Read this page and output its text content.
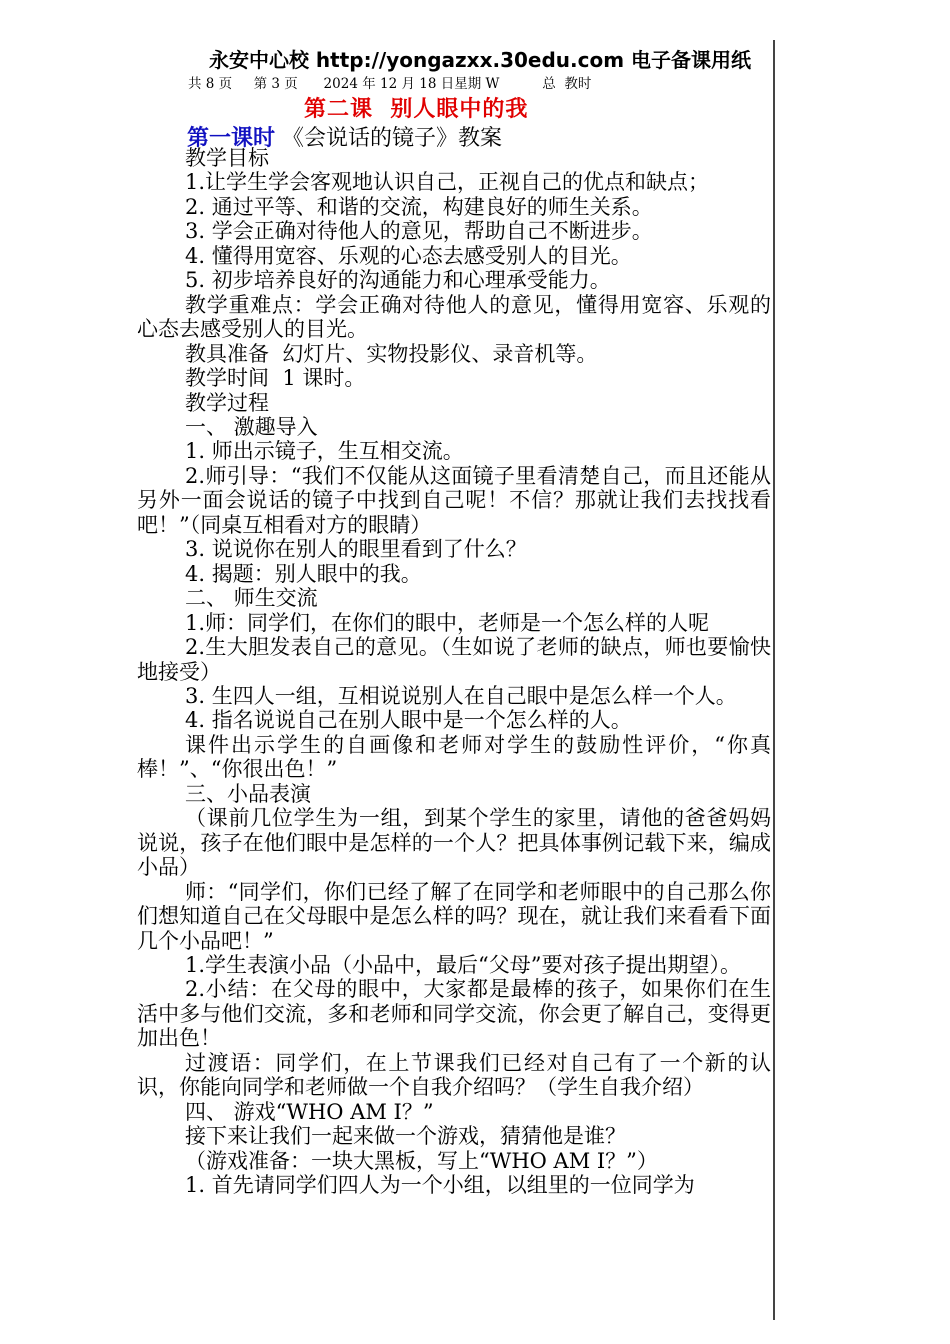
永安中心校 http://yongazxx.30edu.com 电子备课用纸
共 8 页     第 3 页      2024 年 12 月 18 日星期 W          总  教时
第二课  别人眼中的我
第一课时 《会说话的镜子》教案

教学目标

1.让学生学会客观地认识自己，正视自己的优点和缺点；

2. 通过平等、和谐的交流，构建良好的师生关系。

3. 学会正确对待他人的意见，帮助自己不断进步。

4. 懂得用宽容、乐观的心态去感受别人的目光。

5. 初步培养良好的沟通能力和心理承受能力。

教学重难点：学会正确对待他人的意见，懂得用宽容、乐观的心态去感受别人的目光。

教具准备  幻灯片、实物投影仪、录音机等。

教学时间  1 课时。

教学过程

一、 激趣导入

1. 师出示镜子，生互相交流。

2.师引导：“我们不仅能从这面镜子里看清楚自己，而且还能从另外一面会说话的镜子中找到自己呢！不信？那就让我们去找找看吧！”（同桌互相看对方的眼睛）

3. 说说你在别人的眼里看到了什么？

4. 揭题：别人眼中的我。

二、 师生交流

1.师：同学们，在你们的眼中，老师是一个怎么样的人呢

2.生大胆发表自己的意见。（生如说了老师的缺点，师也要愉快地接受）

3. 生四人一组，互相说说别人在自己眼中是怎么样一个人。

4. 指名说说自己在别人眼中是一个怎么样的人。

课件出示学生的自画像和老师对学生的鼓励性评价，“你真棒！”、“你很出色！”

三、小品表演

（课前几位学生为一组，到某个学生的家里，请他的爸爸妈妈说说，孩子在他们眼中是怎样的一个人？把具体事例记载下来，编成小品）

师：“同学们，你们已经了解了在同学和老师眼中的自己那么你们想知道自己在父母眼中是怎么样的吗？现在，就让我们来看看下面几个小品吧！”

1.学生表演小品（小品中，最后“父母”要对孩子提出期望）。

2.小结：在父母的眼中，大家都是最棒的孩子，如果你们在生活中多与他们交流，多和老师和同学交流，你会更了解自己，变得更加出色！

过渡语：同学们，在上节课我们已经对自己有了一个新的认识，你能向同学和老师做一个自我介绍吗？（学生自我介绍）

四、 游戏“WHO AM I？”

接下来让我们一起来做一个游戏，猜猜他是谁？

（游戏准备：一块大黑板，写上“WHO AM I？”）

1. 首先请同学们四人为一个小组，以组里的一位同学为
